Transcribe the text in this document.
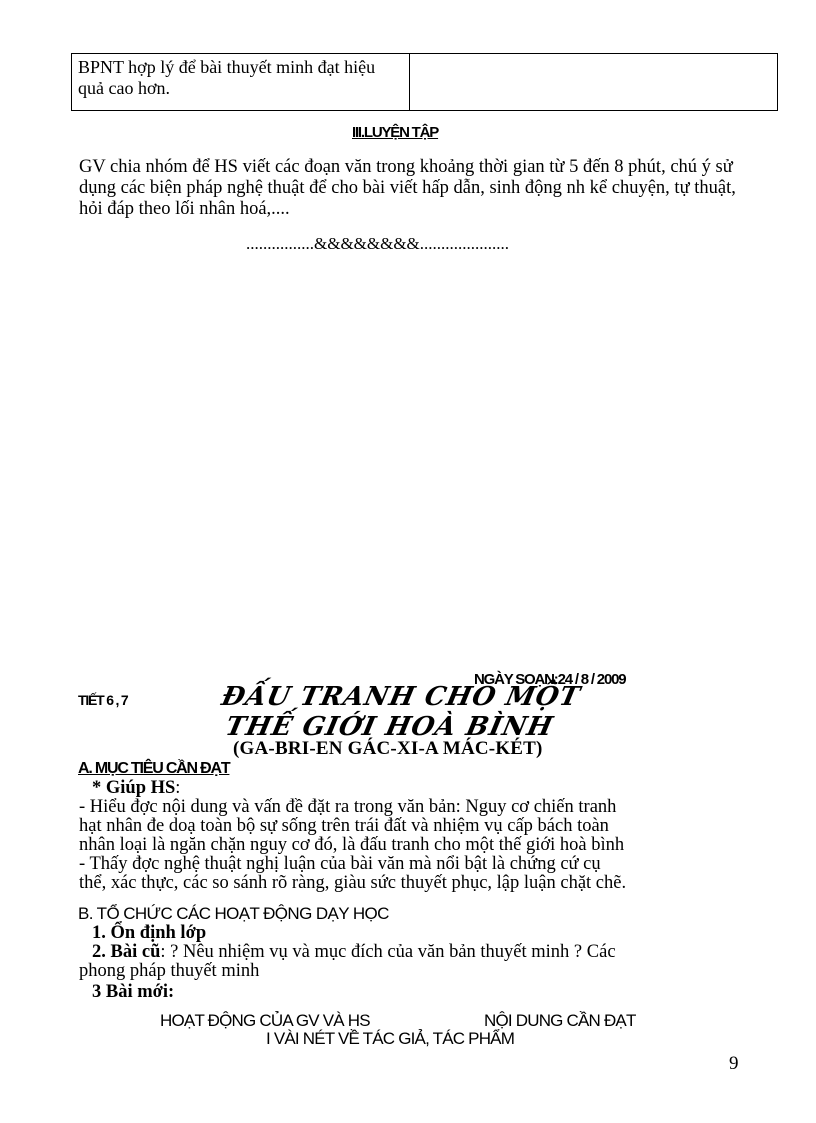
BPNT hợp lý để bài thuyết minh đạt hiệu quả cao hơn.
III.LUYỆN TẬP
GV chia nhóm để HS viết các đoạn văn trong khoảng thời gian từ 5 đến 8 phút, chú ý sử dụng các biện pháp nghệ thuật để cho bài viết hấp dẫn, sinh động nh kể chuyện, tự thuật, hỏi đáp theo lối nhân hoá,....
................&&&&&&&&.....................
NGÀY SOẠN:24 / 8 / 2009
TIẾT 6 , 7	ĐẤU TRANH CHO MỘT
THẾ GIỚI HOÀ BÌNH
(GA-BRI-EN GÁC-XI-A MÁC-KÉT)
A. MỤC TIÊU CẦN ĐẠT
* Giúp HS:
- Hiểu đợc nội dung và vấn đề đặt ra trong văn bản: Nguy cơ chiến tranh
hạt nhân đe doạ toàn bộ sự sống trên trái đất và nhiệm vụ cấp bách toàn
nhân loại là ngăn chặn nguy cơ đó, là đấu tranh cho một thế giới hoà bình
- Thấy đợc nghệ thuật nghị luận của bài văn mà nổi bật là chứng cứ cụ
thể, xác thực, các so sánh rõ ràng, giàu sức thuyết phục, lập luận chặt chẽ.
B. TỔ CHỨC CÁC HOẠT ĐỘNG DẠY HỌC
1. Ổn định lớp
2. Bài cũ: ? Nêu nhiệm vụ và mục đích của văn bản thuyết minh ? Các
phong pháp thuyết minh
3 Bài mới:
HOẠT ĐỘNG CỦA GV VÀ HS	NỘI DUNG CẦN ĐẠT
I VÀI NÉT VỀ TÁC GIẢ, TÁC PHẨM
9
